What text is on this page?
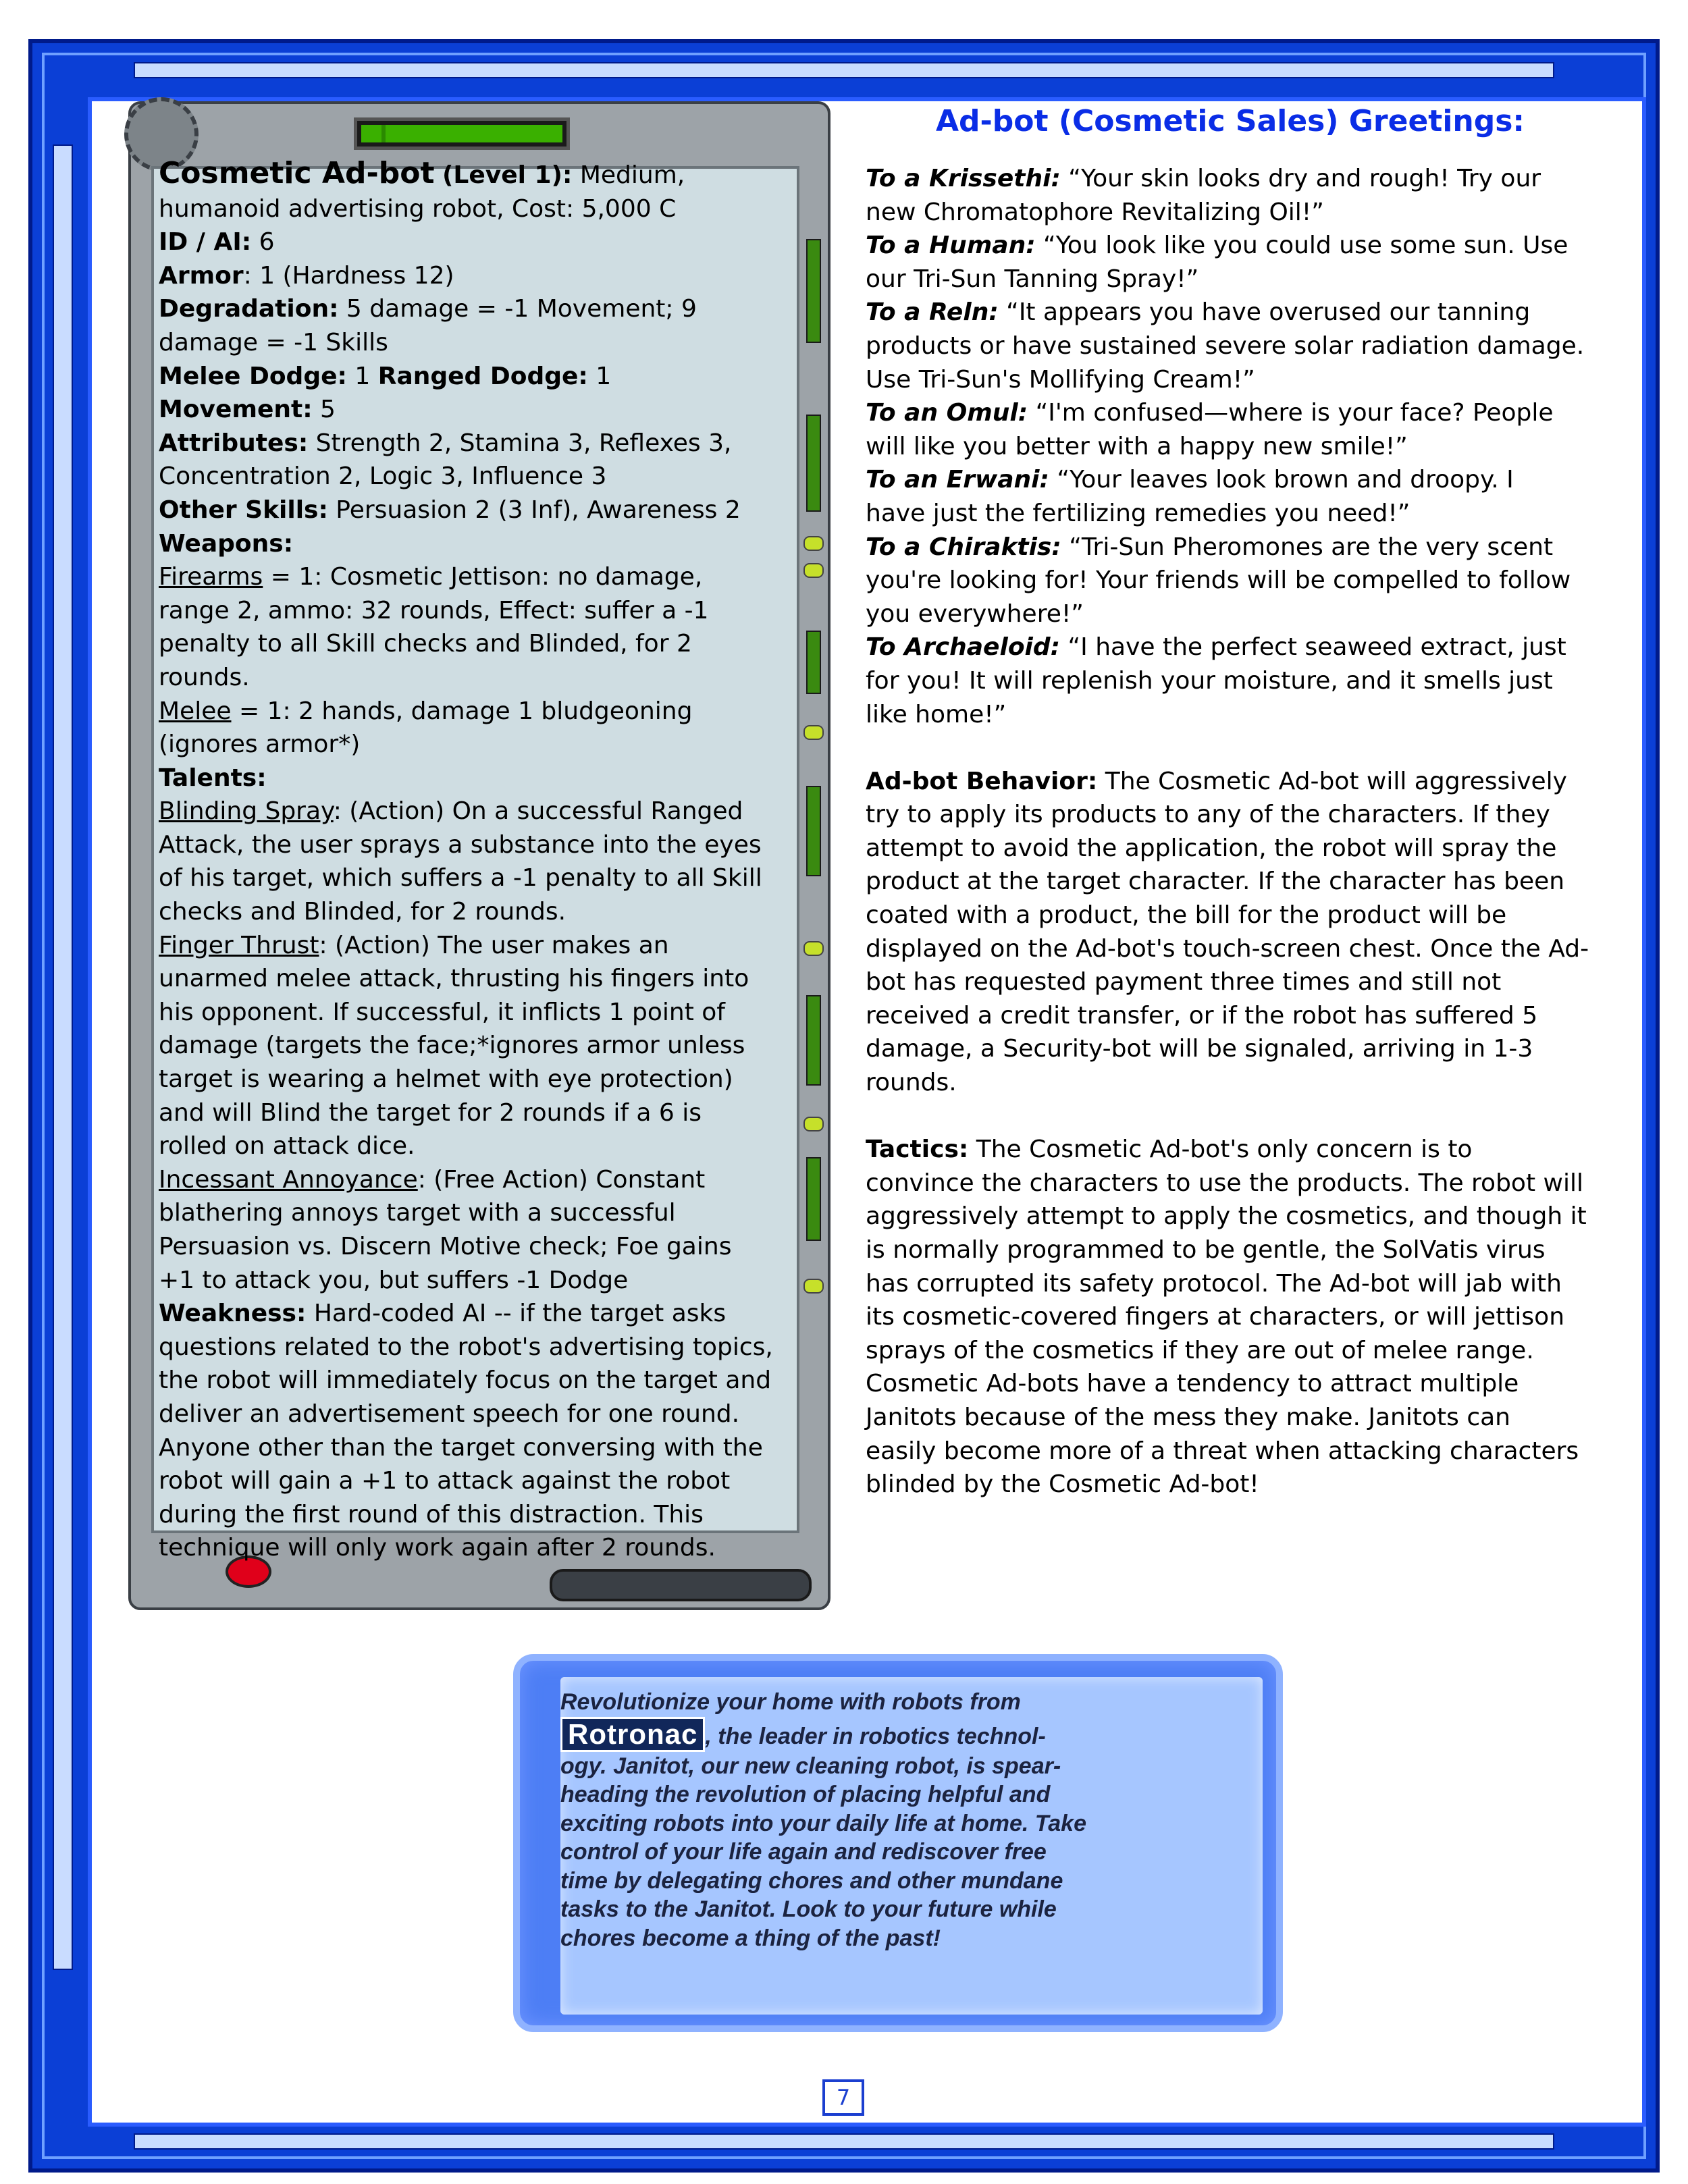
Cosmetic Ad-bot (Level 1): Medium,
humanoid advertising robot, Cost: 5,000 C
ID / AI: 6
Armor: 1 (Hardness 12)
Degradation: 5 damage = -1 Movement; 9
damage = -1 Skills
Melee Dodge: 1 Ranged Dodge: 1
Movement: 5
Attributes: Strength 2, Stamina 3, Reflexes 3,
Concentration 2, Logic 3, Influence 3
Other Skills: Persuasion 2 (3 Inf), Awareness 2
Weapons:
Firearms = 1: Cosmetic Jettison: no damage,
range 2, ammo: 32 rounds, Effect: suffer a -1
penalty to all Skill checks and Blinded, for 2
rounds.
Melee = 1: 2 hands, damage 1 bludgeoning
(ignores armor*)
Talents:
Blinding Spray: (Action) On a successful Ranged
Attack, the user sprays a substance into the eyes
of his target, which suffers a -1 penalty to all Skill
checks and Blinded, for 2 rounds.
Finger Thrust: (Action) The user makes an
unarmed melee attack, thrusting his fingers into
his opponent. If successful, it inflicts 1 point of
damage (targets the face;*ignores armor unless
target is wearing a helmet with eye protection)
and will Blind the target for 2 rounds if a 6 is
rolled on attack dice.
Incessant Annoyance: (Free Action) Constant
blathering annoys target with a successful
Persuasion vs. Discern Motive check; Foe gains
+1 to attack you, but suffers -1 Dodge
Weakness: Hard-coded AI -- if the target asks
questions related to the robot's advertising topics,
the robot will immediately focus on the target and
deliver an advertisement speech for one round.
Anyone other than the target conversing with the
robot will gain a +1 to attack against the robot
during the first round of this distraction. This
technique will only work again after 2 rounds.
Ad-bot (Cosmetic Sales) Greetings:
To a Krissethi: “Your skin looks dry and rough! Try our

new Chromatophore Revitalizing Oil!”

To a Human: “You look like you could use some sun. Use

our Tri-Sun Tanning Spray!”

To a Reln: “It appears you have overused our tanning

products or have sustained severe solar radiation damage.

Use Tri-Sun's Mollifying Cream!”

To an Omul: “I'm confused—where is your face? People

will like you better with a happy new smile!”

To an Erwani: “Your leaves look brown and droopy. I

have just the fertilizing remedies you need!”

To a Chiraktis: “Tri-Sun Pheromones are the very scent

you're looking for! Your friends will be compelled to follow

you everywhere!”

To Archaeloid: “I have the perfect seaweed extract, just

for you! It will replenish your moisture, and it smells just

like home!”

Ad-bot Behavior: The Cosmetic Ad-bot will aggressively

try to apply its products to any of the characters. If they

attempt to avoid the application, the robot will spray the

product at the target character. If the character has been

coated with a product, the bill for the product will be

displayed on the Ad-bot's touch-screen chest. Once the Ad-

bot has requested payment three times and still not

received a credit transfer, or if the robot has suffered 5

damage, a Security-bot will be signaled, arriving in 1-3

rounds.

Tactics: The Cosmetic Ad-bot's only concern is to

convince the characters to use the products. The robot will

aggressively attempt to apply the cosmetics, and though it

is normally programmed to be gentle, the SolVatis virus

has corrupted its safety protocol. The Ad-bot will jab with

its cosmetic-covered fingers at characters, or will jettison

sprays of the cosmetics if they are out of melee range.

Cosmetic Ad-bots have a tendency to attract multiple

Janitots because of the mess they make. Janitots can

easily become more of a threat when attacking characters

blinded by the Cosmetic Ad-bot!

Revolutionize your home with robots from
Rotronac , the leader in robotics technol-
ogy. Janitot, our new cleaning robot, is spear-
heading the revolution of placing helpful and
exciting robots into your daily life at home. Take
control of your life again and rediscover free
time by delegating chores and other mundane
tasks to the Janitot. Look to your future while
chores become a thing of the past!
7
